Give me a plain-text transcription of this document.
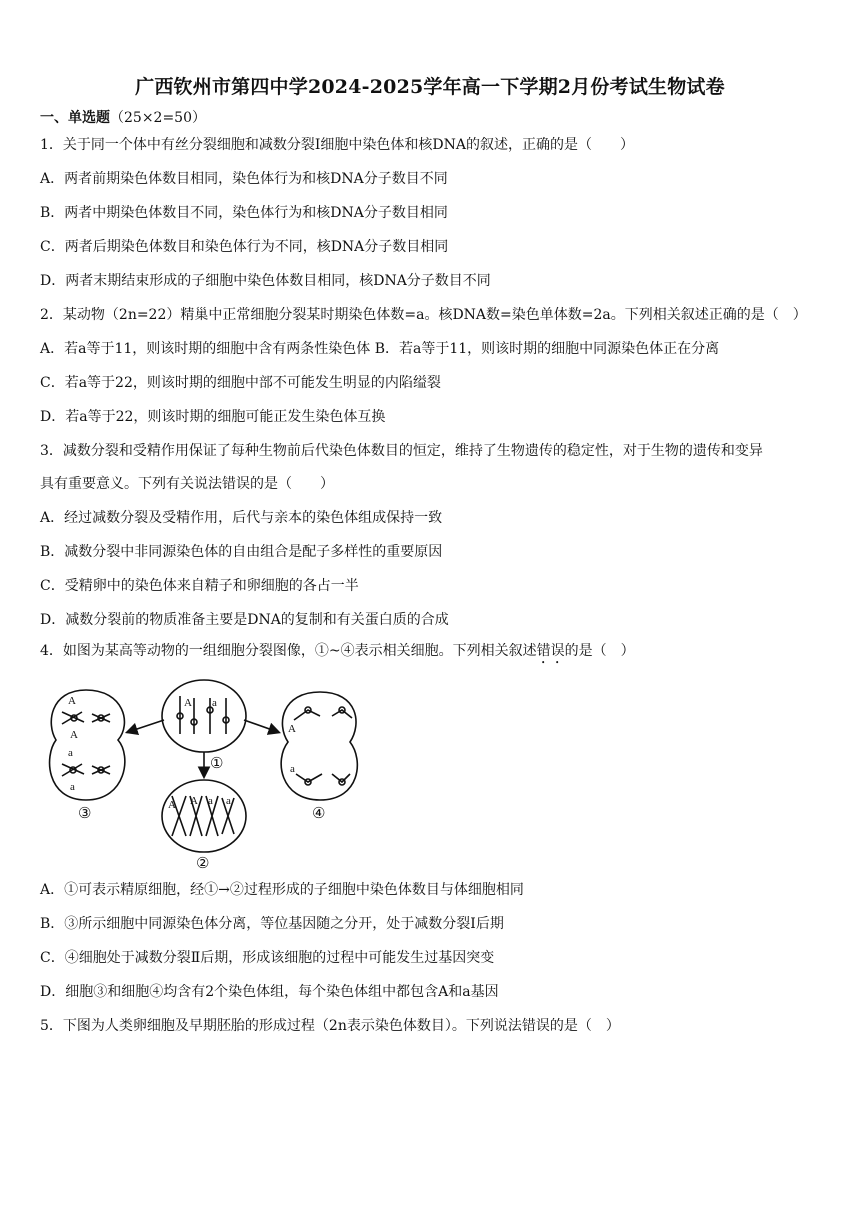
广西钦州市第四中学2024-2025学年高一下学期2月份考试生物试卷
一、单选题（25×2=50）
1．关于同一个体中有丝分裂细胞和减数分裂Ⅰ细胞中染色体和核DNA的叙述，正确的是（　　）
A．两者前期染色体数目相同，染色体行为和核DNA分子数目不同
B．两者中期染色体数目不同，染色体行为和核DNA分子数目相同
C．两者后期染色体数目和染色体行为不同，核DNA分子数目相同
D．两者末期结束形成的子细胞中染色体数目相同，核DNA分子数目不同
2．某动物（2n=22）精巢中正常细胞分裂某时期染色体数=a。核DNA数=染色单体数=2a。下列相关叙述正确的是（　）
A．若a等于11，则该时期的细胞中含有两条性染色体 B．若a等于11，则该时期的细胞中同源染色体正在分离
C．若a等于22，则该时期的细胞中部不可能发生明显的内陷缢裂
D．若a等于22，则该时期的细胞可能正发生染色体互换
3．减数分裂和受精作用保证了每种生物前后代染色体数目的恒定，维持了生物遗传的稳定性，对于生物的遗传和变异
具有重要意义。下列有关说法错误的是（　　）
A．经过减数分裂及受精作用，后代与亲本的染色体组成保持一致
B．减数分裂中非同源染色体的自由组合是配子多样性的重要原因
C．受精卵中的染色体来自精子和卵细胞的各占一半
D．减数分裂前的物质准备主要是DNA的复制和有关蛋白质的合成
4．如图为某高等动物的一组细胞分裂图像，①~④表示相关细胞。下列相关叙述错误的是（　）
A
A
a
a
A a
A A a a
A
a
①
②
③	④
A．①可表示精原细胞，经①→②过程形成的子细胞中染色体数目与体细胞相同
B．③所示细胞中同源染色体分离，等位基因随之分开，处于减数分裂Ⅰ后期
C．④细胞处于减数分裂Ⅱ后期，形成该细胞的过程中可能发生过基因突变
D．细胞③和细胞④均含有2个染色体组，每个染色体组中都包含A和a基因
5．下图为人类卵细胞及早期胚胎的形成过程（2n表示染色体数目）。下列说法错误的是（　）
